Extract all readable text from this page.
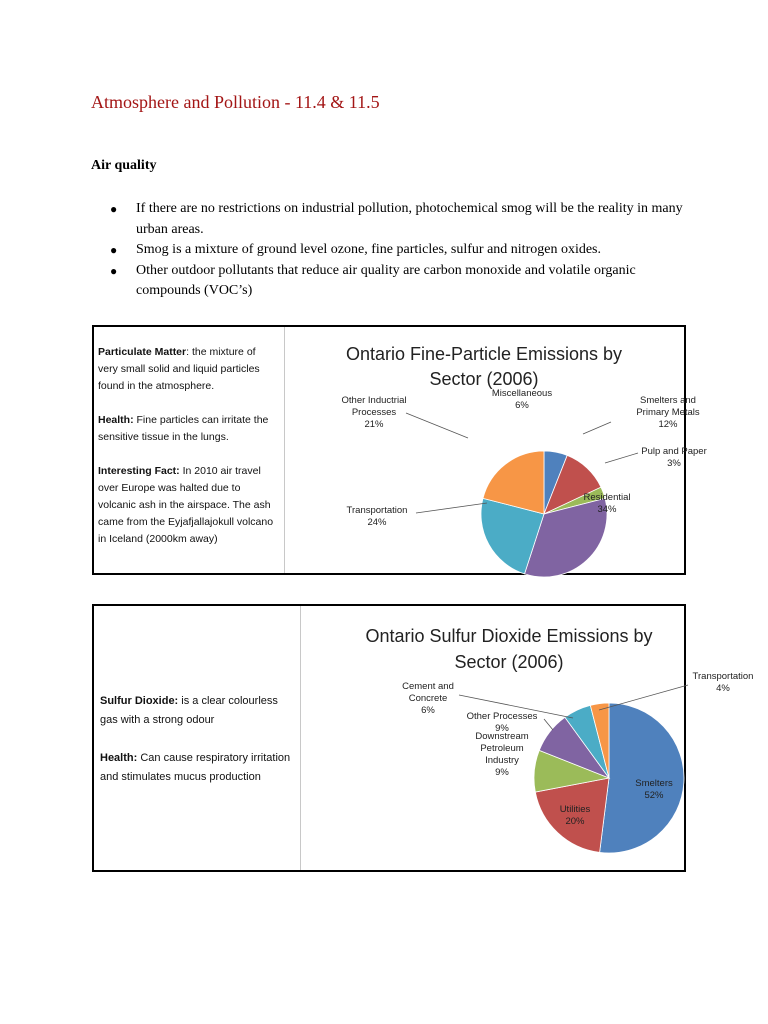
Atmosphere and Pollution - 11.4 & 11.5
Air quality
● If there are no restrictions on industrial pollution, photochemical smog will be the reality in many urban areas.
● Smog is a mixture of ground level ozone, fine particles, sulfur and nitrogen oxides.
● Other outdoor pollutants that reduce air quality are carbon monoxide and volatile organic compounds (VOC’s)

Particulate Matter: the mixture of very small solid and liquid particles found in the atmosphere.

Health: Fine particles can irritate the sensitive tissue in the lungs.

Interesting Fact: In 2010 air travel over Europe was halted due to volcanic ash in the airspace. The ash came from the Eyjafjallajokull volcano in Iceland (2000km away)

Ontario Fine-Particle Emissions by
Sector (2006)
Miscellaneous
6%	Smelters and
Primary Metals
12%
Pulp and Paper
3%
Residential
34%
Transportation
24%
Other Inductrial
Processes
21%

Sulfur Dioxide: is a clear colourless gas with a strong odour

Health: Can cause respiratory irritation and stimulates mucus production

Ontario Sulfur Dioxide Emissions by
Sector (2006)
Smelters
52%
Utilities
20%
Downstream
Petroleum
Industry
9%
Other Processes
9%
Cement and
Concrete
6%
Transportation
4%
